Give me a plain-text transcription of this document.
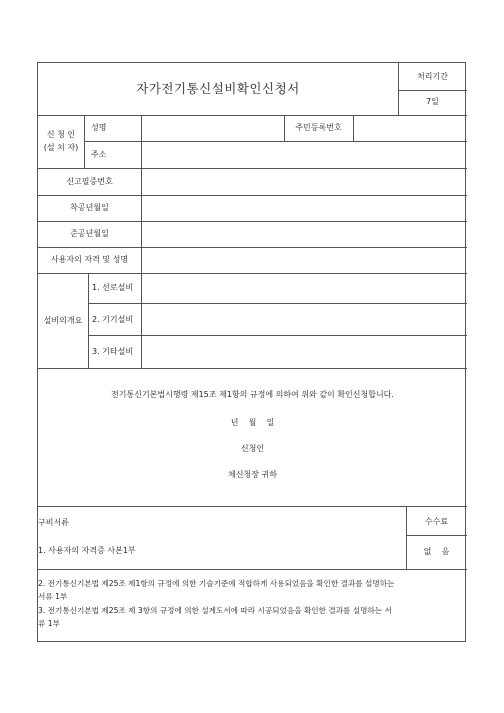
자가전기통신설비확인신청서
처리기간
7일
신 청 인
(설 치 자)
성명	주민등록번호
주소
신고필증번호
착공년월일
준공년월일
사용자의 자격 및 성명
설비의개요
1. 선로설비
2. 기기설비
3. 기타설비
전기통신기본법시행령 제15조 제1항의 규정에 의하여 위와 같이 확인신청합니다.
년    월    일
신청인
체신청장 귀하
구비서류
1. 사용자의 자격증 사본1부
수수료
없    음
2. 전기통신기본법 제25조 제1항의 규정에 의한 기술기준에 적합하게 사용되었음을 확인한 결과를 설명하는
서류 1부
3. 전기통신기본법 제25조 제 3항의 규정에 의한 설계도서에 따라 시공되었음을 확인한 결과를 설명하는 서
류 1부
